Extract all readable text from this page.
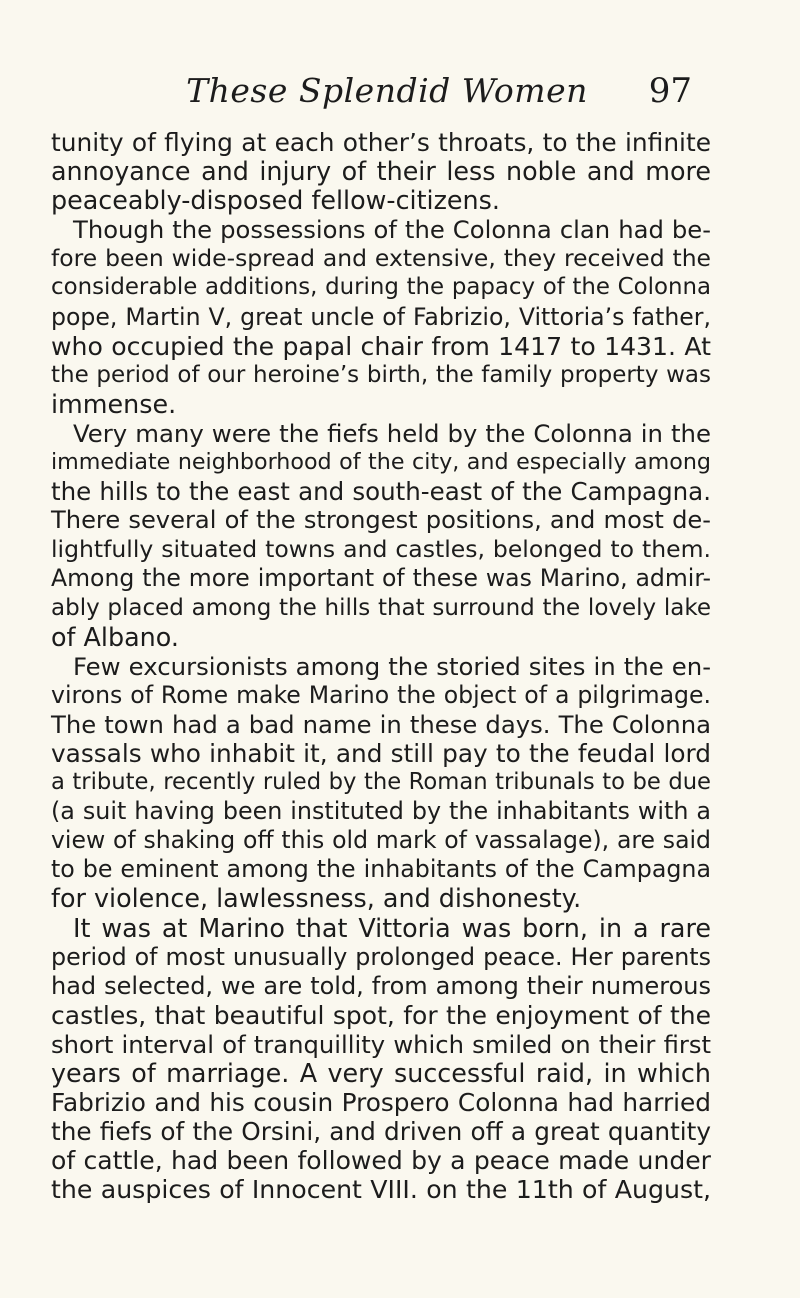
These Splendid Women	97
tunity of flying at each other’s throats, to the infinite
annoyance and injury of their less noble and more
peaceably-disposed fellow-citizens.
Though the possessions of the Colonna clan had be-
fore been wide-spread and extensive, they received the
considerable additions, during the papacy of the Colonna
pope, Martin V, great uncle of Fabrizio, Vittoria’s father,
who occupied the papal chair from 1417 to 1431. At
the period of our heroine’s birth, the family property was
immense.
Very many were the fiefs held by the Colonna in the
immediate neighborhood of the city, and especially among
the hills to the east and south-east of the Campagna.
There several of the strongest positions, and most de-
lightfully situated towns and castles, belonged to them.
Among the more important of these was Marino, admir-
ably placed among the hills that surround the lovely lake
of Albano.
Few excursionists among the storied sites in the en-
virons of Rome make Marino the object of a pilgrimage.
The town had a bad name in these days. The Colonna
vassals who inhabit it, and still pay to the feudal lord
a tribute, recently ruled by the Roman tribunals to be due
(a suit having been instituted by the inhabitants with a
view of shaking off this old mark of vassalage), are said
to be eminent among the inhabitants of the Campagna
for violence, lawlessness, and dishonesty.
It was at Marino that Vittoria was born, in a rare
period of most unusually prolonged peace. Her parents
had selected, we are told, from among their numerous
castles, that beautiful spot, for the enjoyment of the
short interval of tranquillity which smiled on their first
years of marriage. A very successful raid, in which
Fabrizio and his cousin Prospero Colonna had harried
the fiefs of the Orsini, and driven off a great quantity
of cattle, had been followed by a peace made under
the auspices of Innocent VIII. on the 11th of August,
